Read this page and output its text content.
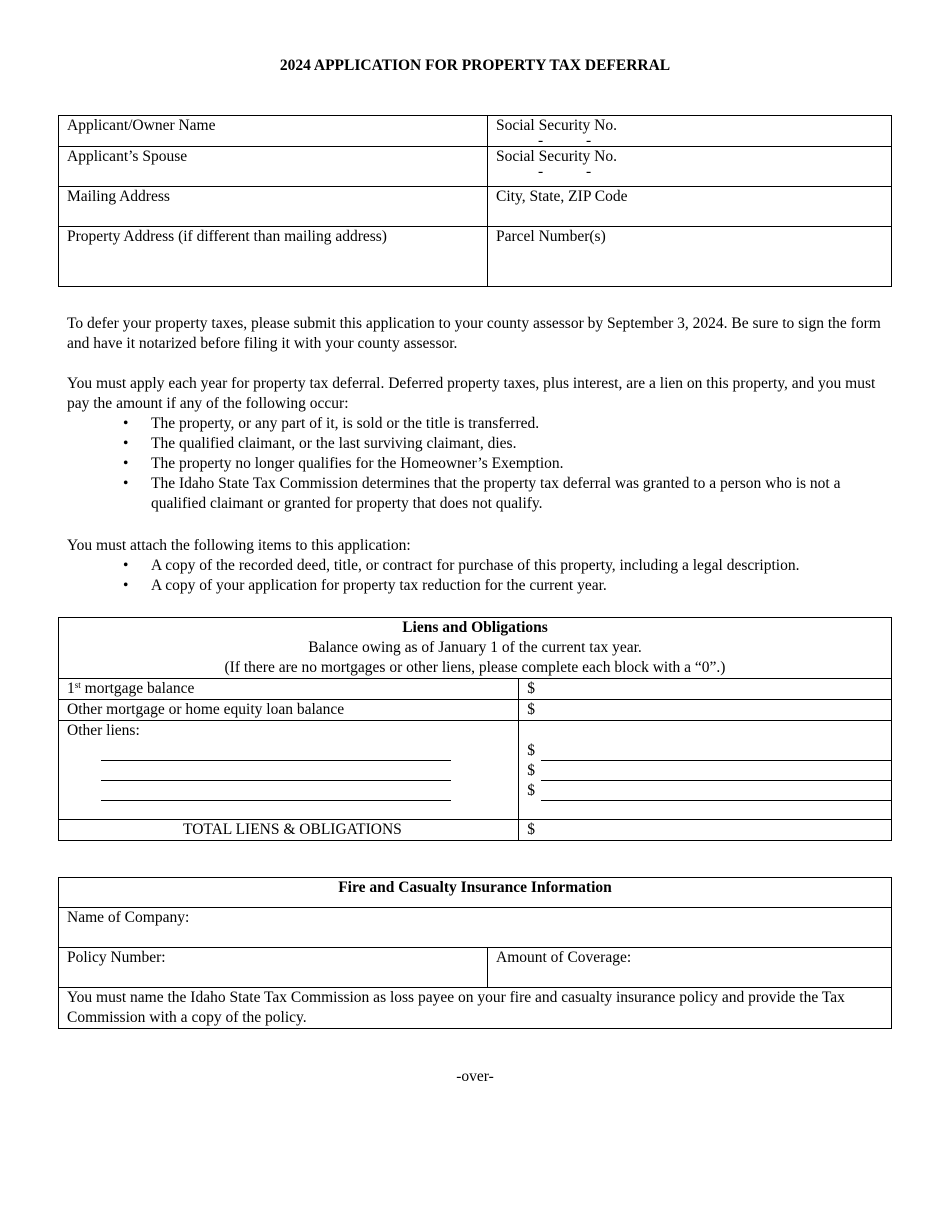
2024 APPLICATION FOR PROPERTY TAX DEFERRAL
Applicant/Owner Name	Social Security No.
- -

Applicant’s Spouse	Social Security No.
- -

Mailing Address	City, State, ZIP Code
Property Address (if different than mailing address)	Parcel Number(s)
To defer your property taxes, please submit this application to your county assessor by September 3, 2024. Be sure to sign the form and have it notarized before filing it with your county assessor.
You must apply each year for property tax deferral. Deferred property taxes, plus interest, are a lien on this property, and you must pay the amount if any of the following occur:
• The property, or any part of it, is sold or the title is transferred.
• The qualified claimant, or the last surviving claimant, dies.
• The property no longer qualifies for the Homeowner’s Exemption.
• The Idaho State Tax Commission determines that the property tax deferral was granted to a person who is not a qualified claimant or granted for property that does not qualify.
You must attach the following items to this application:
• A copy of the recorded deed, title, or contract for purchase of this property, including a legal description.
• A copy of your application for property tax reduction for the current year.
Liens and Obligations
Balance owing as of January 1 of the current tax year.
(If there are no mortgages or other liens, please complete each block with a “0”.)	

1st mortgage balance	$
Other mortgage or home equity loan balance	$

Other liens:	$
$
$

TOTAL LIENS & OBLIGATIONS	$
Fire and Casualty Insurance Information
Name of Company:
Policy Number:	Amount of Coverage:
You must name the Idaho State Tax Commission as loss payee on your fire and casualty insurance policy and provide the Tax Commission with a copy of the policy.
-over-
